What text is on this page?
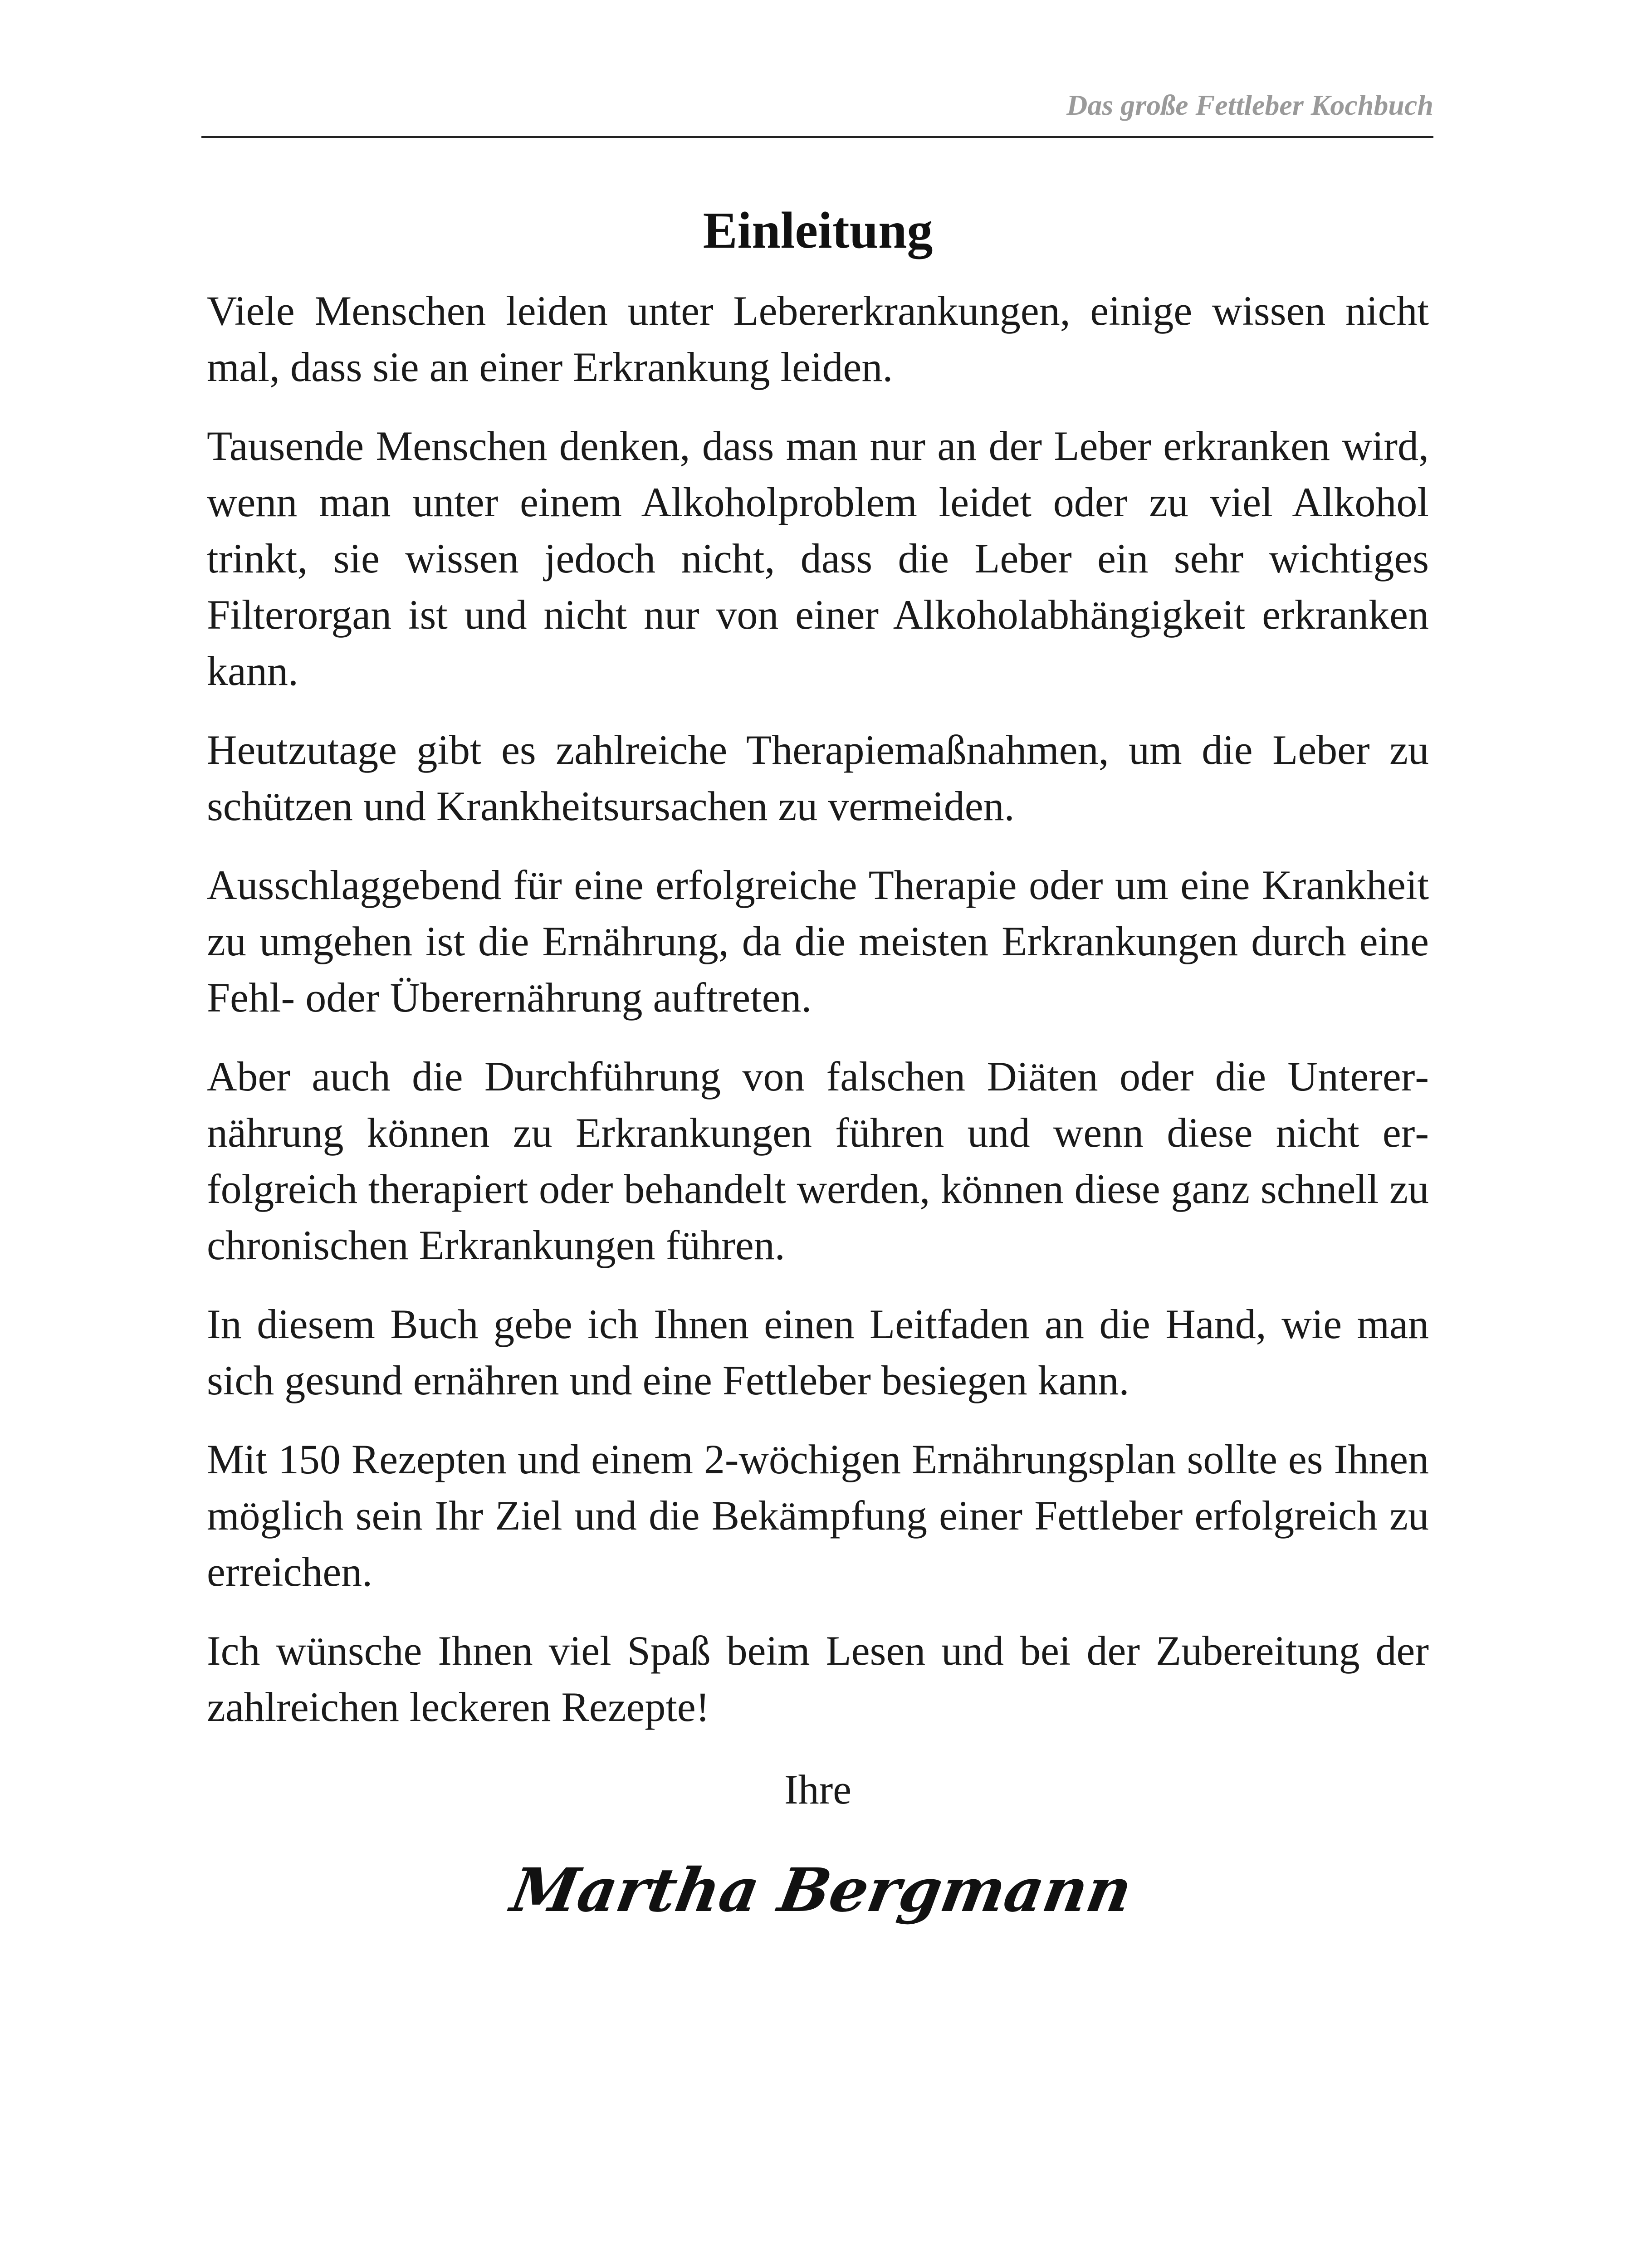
Das große Fettleber Kochbuch
Einleitung

Viele Menschen leiden unter Lebererkrankungen, einige wissen nicht mal, dass sie an einer Erkrankung leiden.

Tausende Menschen denken, dass man nur an der Leber erkranken wird, wenn man unter einem Alkoholproblem leidet oder zu viel Alkohol trinkt, sie wissen jedoch nicht, dass die Leber ein sehr wichtiges Filterorgan ist und nicht nur von einer Alkoholabhängigkeit erkranken kann.

Heutzutage gibt es zahlreiche Therapiemaßnahmen, um die Leber zu schützen und Krankheitsursachen zu vermeiden.

Ausschlaggebend für eine erfolgreiche Therapie oder um eine Krankheit zu umgehen ist die Ernährung, da die meisten Erkrankungen durch eine Fehl- oder Überernährung auftreten.

Aber auch die Durchführung von falschen Diäten oder die Unterernährung können zu Erkrankungen führen und wenn diese nicht erfolgreich therapiert oder behandelt werden, können diese ganz schnell zu chronischen Erkrankungen führen.

In diesem Buch gebe ich Ihnen einen Leitfaden an die Hand, wie man sich gesund ernähren und eine Fettleber besiegen kann.

Mit 150 Rezepten und einem 2-wöchigen Ernährungsplan sollte es Ihnen möglich sein Ihr Ziel und die Bekämpfung einer Fettleber erfolgreich zu erreichen.

Ich wünsche Ihnen viel Spaß beim Lesen und bei der Zubereitung der zahlreichen leckeren Rezepte!

Ihre
Martha Bergmann
